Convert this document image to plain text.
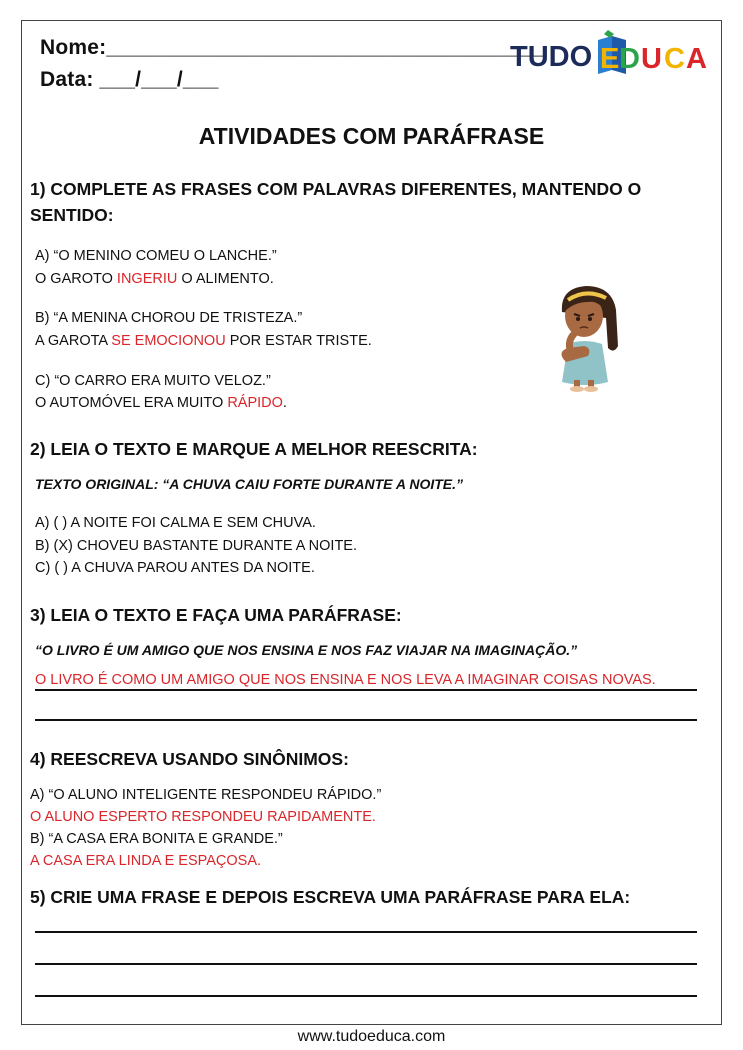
Nome:_____________________________________
Data: ___/___/___
TUDO E D U C A
ATIVIDADES COM PARÁFRASE
1) COMPLETE AS FRASES COM PALAVRAS DIFERENTES, MANTENDO O
SENTIDO:
A) “O MENINO COMEU O LANCHE.”
O GAROTO INGERIU O ALIMENTO.
B) “A MENINA CHOROU DE TRISTEZA.”
A GAROTA SE EMOCIONOU POR ESTAR TRISTE.
C) “O CARRO ERA MUITO VELOZ.”
O AUTOMÓVEL ERA MUITO RÁPIDO.
2) LEIA O TEXTO E MARQUE A MELHOR REESCRITA:
TEXTO ORIGINAL: “A CHUVA CAIU FORTE DURANTE A NOITE.”
A) ( ) A NOITE FOI CALMA E SEM CHUVA.
B) (X) CHOVEU BASTANTE DURANTE A NOITE.
C) ( ) A CHUVA PAROU ANTES DA NOITE.
3) LEIA O TEXTO E FAÇA UMA PARÁFRASE:
“O LIVRO É UM AMIGO QUE NOS ENSINA E NOS FAZ VIAJAR NA IMAGINAÇÃO.”
O LIVRO É COMO UM AMIGO QUE NOS ENSINA E NOS LEVA A IMAGINAR COISAS NOVAS.
4) REESCREVA USANDO SINÔNIMOS:
A) “O ALUNO INTELIGENTE RESPONDEU RÁPIDO.”
O ALUNO ESPERTO RESPONDEU RAPIDAMENTE.
B) “A CASA ERA BONITA E GRANDE.”
A CASA ERA LINDA E ESPAÇOSA.
5) CRIE UMA FRASE E DEPOIS ESCREVA UMA PARÁFRASE PARA ELA:
www.tudoeduca.com
